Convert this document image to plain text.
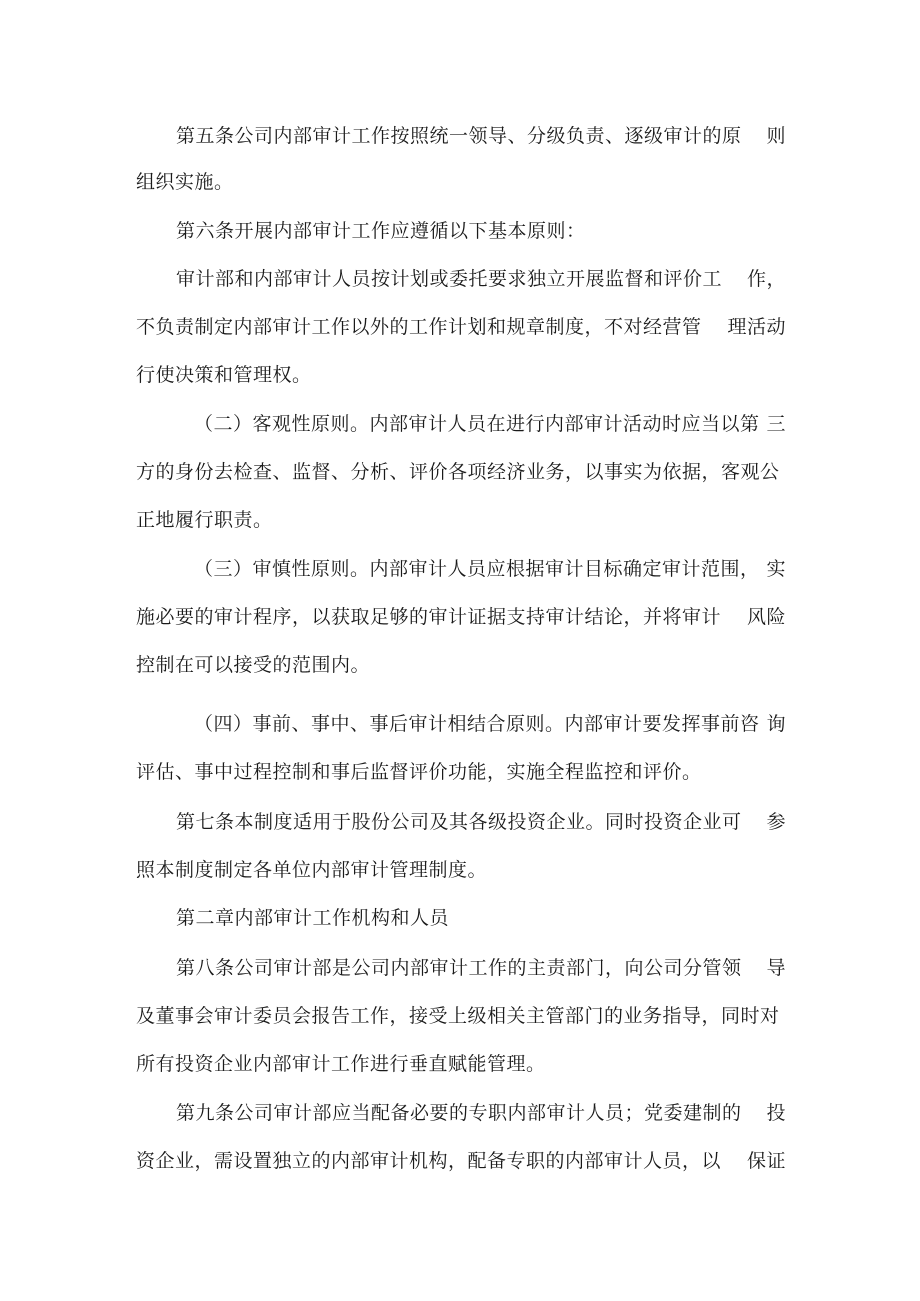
第五条公司内部审计工作按照统一领导、分级负责、逐级审计的原 则
组织实施。
第六条开展内部审计工作应遵循以下基本原则：
审计部和内部审计人员按计划或委托要求独立开展监督和评价工 作，
不负责制定内部审计工作以外的工作计划和规章制度，不对经营管 理活动
行使决策和管理权。
（二）客观性原则。内部审计人员在进行内部审计活动时应当以第 三
方的身份去检查、监督、分析、评价各项经济业务，以事实为依据，客观公
正地履行职责。
（三）审慎性原则。内部审计人员应根据审计目标确定审计范围， 实
施必要的审计程序，以获取足够的审计证据支持审计结论，并将审计 风险
控制在可以接受的范围内。
（四）事前、事中、事后审计相结合原则。内部审计要发挥事前咨 询
评估、事中过程控制和事后监督评价功能，实施全程监控和评价。
第七条本制度适用于股份公司及其各级投资企业。同时投资企业可 参
照本制度制定各单位内部审计管理制度。
第二章内部审计工作机构和人员
第八条公司审计部是公司内部审计工作的主责部门，向公司分管领 导
及董事会审计委员会报告工作，接受上级相关主管部门的业务指导，同时对
所有投资企业内部审计工作进行垂直赋能管理。
第九条公司审计部应当配备必要的专职内部审计人员；党委建制的 投
资企业，需设置独立的内部审计机构，配备专职的内部审计人员，以 保证
